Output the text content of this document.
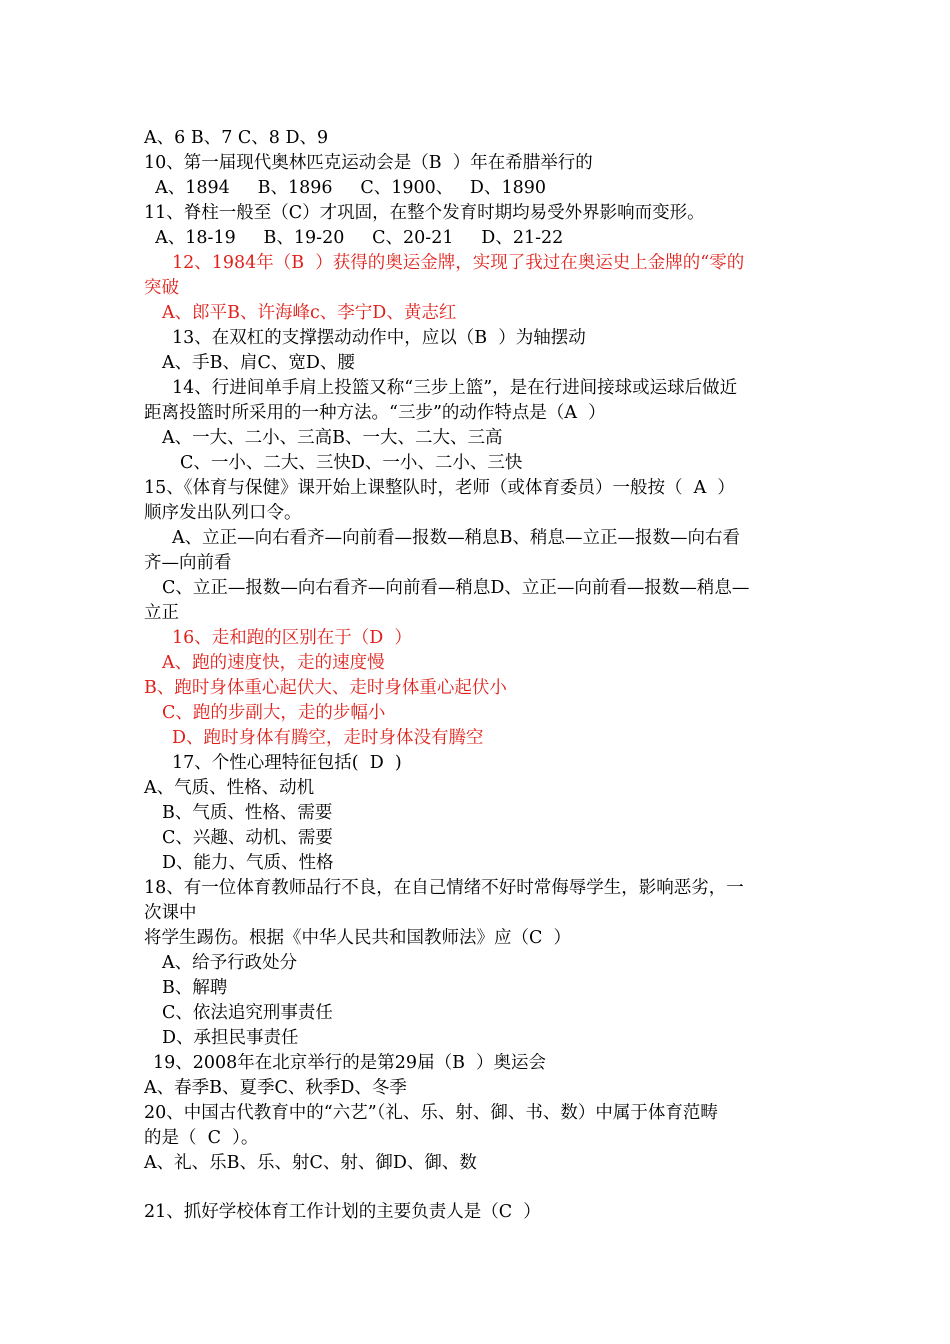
A、6 B、7 C、8 D、9
10、第一届现代奥林匹克运动会是（B  ）年在希腊举行的
A、1894     B、1896     C、1900、   D、1890
11、脊柱一般至（C）才巩固，在整个发育时期均易受外界影响而变形。
A、18-19     B、19-20     C、20-21     D、21-22
12、1984年（B  ）获得的奥运金牌，实现了我过在奥运史上金牌的“零的
突破
A、郎平B、许海峰c、李宁D、黄志红
13、在双杠的支撑摆动动作中，应以（B  ）为轴摆动
A、手B、肩C、宽D、腰
14、行进间单手肩上投篮又称“三步上篮”，是在行进间接球或运球后做近
距离投篮时所采用的一种方法。“三步”的动作特点是（A  ）
A、一大、二小、三高B、一大、二大、三高
C、一小、二大、三快D、一小、二小、三快
15、《体育与保健》课开始上课整队时，老师（或体育委员）一般按（  A  ）
顺序发出队列口令。
A、立正—向右看齐—向前看—报数—稍息B、稍息—立正—报数—向右看
齐—向前看
C、立正—报数—向右看齐—向前看—稍息D、立正—向前看—报数—稍息—
立正
16、走和跑的区别在于（D  ）
A、跑的速度快，走的速度慢
B、跑时身体重心起伏大、走时身体重心起伏小
C、跑的步副大，走的步幅小
D、跑时身体有腾空，走时身体没有腾空
17、个性心理特征包括(  D  )
A、气质、性格、动机
B、气质、性格、需要
C、兴趣、动机、需要
D、能力、气质、性格
18、有一位体育教师品行不良，在自己情绪不好时常侮辱学生，影响恶劣，一
次课中
将学生踢伤。根据《中华人民共和国教师法》应（C  ）
A、给予行政处分
B、解聘
C、依法追究刑事责任
D、承担民事责任
19、2008年在北京举行的是第29届（B  ）奥运会
A、春季B、夏季C、秋季D、冬季
20、中国古代教育中的“六艺”（礼、乐、射、御、书、数）中属于体育范畴
的是（  C  ）。
A、礼、乐B、乐、射C、射、御D、御、数
21、抓好学校体育工作计划的主要负责人是（C  ）
